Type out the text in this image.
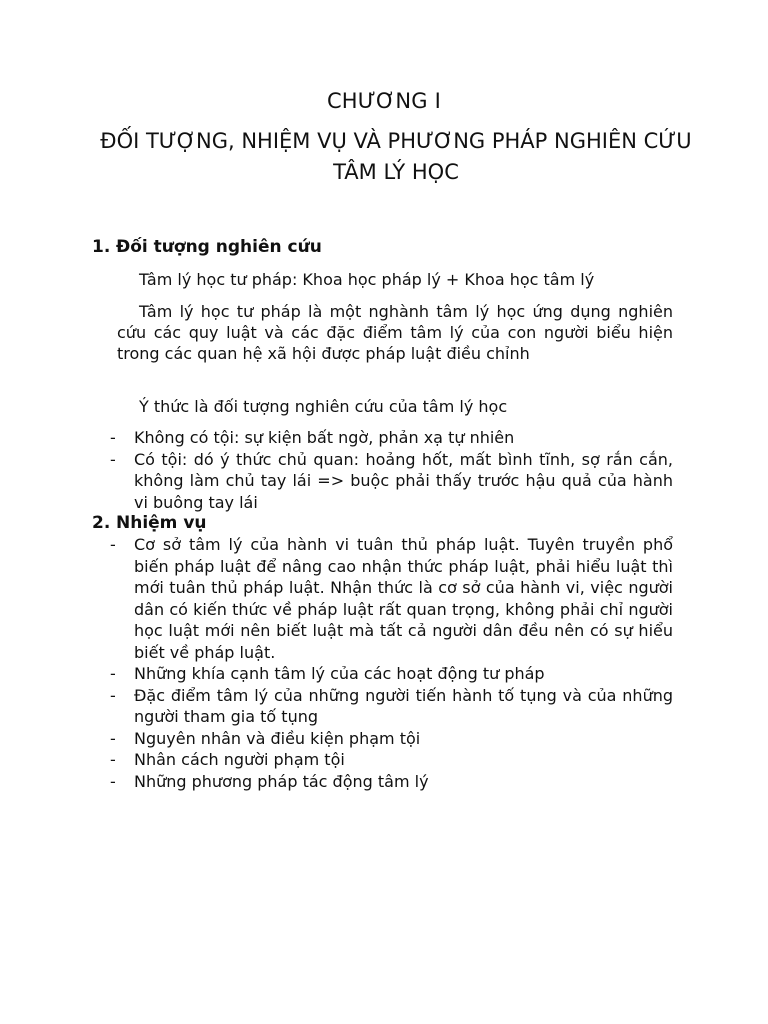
CHƯƠNG I
ĐỐI TƯỢNG, NHIỆM VỤ VÀ PHƯƠNG PHÁP NGHIÊN CỨU TÂM LÝ HỌC
1. Đối tượng nghiên cứu
Tâm lý học tư pháp: Khoa học pháp lý + Khoa học tâm lý
Tâm lý học tư pháp là một nghành tâm lý học ứng dụng nghiên cứu các quy luật và các đặc điểm tâm lý của con người biểu hiện trong các quan hệ xã hội được pháp luật điều chỉnh
Ý thức là đối tượng nghiên cứu của tâm lý học
- Không có tội: sự kiện bất ngờ, phản xạ tự nhiên
- Có tội: dó ý thức chủ quan: hoảng hốt, mất bình tĩnh, sợ rắn cắn, không làm chủ tay lái => buộc phải thấy trước hậu quả của hành vi buông tay lái
2. Nhiệm vụ
- Cơ sở tâm lý của hành vi tuân thủ pháp luật. Tuyên truyền phổ biến pháp luật để nâng cao nhận thức pháp luật, phải hiểu luật thì mới tuân thủ pháp luật. Nhận thức là cơ sở của hành vi, việc người dân có kiến thức về pháp luật rất quan trọng, không phải chỉ người học luật mới nên biết luật mà tất cả người dân đều nên có sự hiểu biết về pháp luật.
- Những khía cạnh tâm lý của các hoạt động tư pháp
- Đặc điểm tâm lý của những người tiến hành tố tụng và của những người tham gia tố tụng
- Nguyên nhân và điều kiện phạm tội
- Nhân cách người phạm tội
- Những phương pháp tác động tâm lý
